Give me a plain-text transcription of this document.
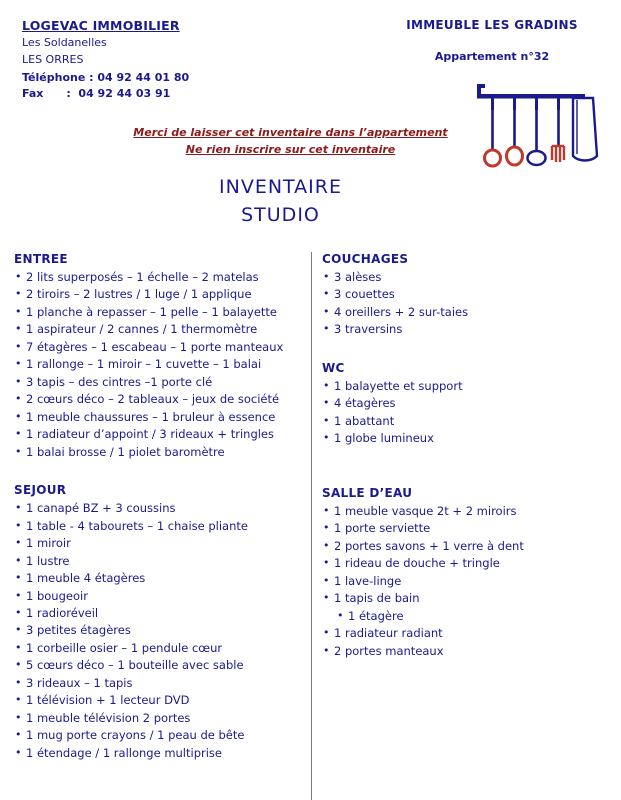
LOGEVAC IMMOBILIER
Les Soldanelles
LES ORRES
Téléphone : 04 92 44 01 80
Fax      :  04 92 44 03 91
IMMEUBLE LES GRADINS
Appartement n°32
Merci de laisser cet inventaire dans l’appartement
Ne rien inscrire sur cet inventaire
INVENTAIRE
STUDIO
ENTREE
• 2 lits superposés – 1 échelle – 2 matelas
• 2 tiroirs – 2 lustres / 1 luge / 1 applique
• 1 planche à repasser – 1 pelle – 1 balayette
• 1 aspirateur / 2 cannes / 1 thermomètre
• 7 étagères – 1 escabeau – 1 porte manteaux
• 1 rallonge – 1 miroir – 1 cuvette – 1 balai
• 3 tapis – des cintres –1 porte clé
• 2 cœurs déco – 2 tableaux – jeux de société
• 1 meuble chaussures – 1 bruleur à essence
• 1 radiateur d’appoint / 3 rideaux + tringles
• 1 balai brosse / 1 piolet baromètre
SEJOUR
• 1 canapé BZ + 3 coussins
• 1 table - 4 tabourets – 1 chaise pliante
• 1 miroir
• 1 lustre
• 1 meuble 4 étagères
• 1 bougeoir
• 1 radioréveil
• 3 petites étagères
• 1 corbeille osier – 1 pendule cœur
• 5 cœurs déco – 1 bouteille avec sable
• 3 rideaux – 1 tapis
• 1 télévision + 1 lecteur DVD
• 1 meuble télévision 2 portes
• 1 mug porte crayons / 1 peau de bête
• 1 étendage / 1 rallonge multiprise
COUCHAGES
• 3 alèses
• 3 couettes
• 4 oreillers + 2 sur-taies
• 3 traversins
WC
• 1 balayette et support
• 4 étagères
• 1 abattant
• 1 globe lumineux
SALLE D’EAU
• 1 meuble vasque 2t + 2 miroirs
• 1 porte serviette
• 2 portes savons + 1 verre à dent
• 1 rideau de douche + tringle
• 1 lave-linge
• 1 tapis de bain
• 1 étagère
• 1 radiateur radiant
• 2 portes manteaux
